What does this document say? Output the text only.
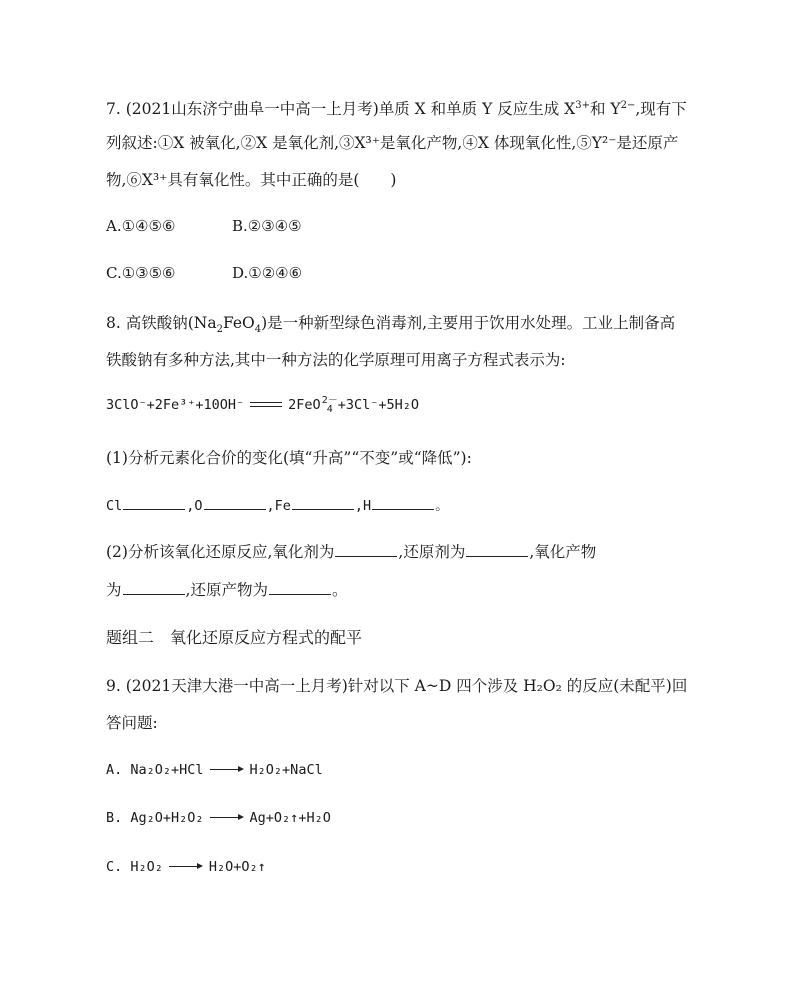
7. (2021山东济宁曲阜一中高一上月考)单质 X 和单质 Y 反应生成 $X^{3+}$和 $Y^{2-}$,现有下
列叙述:①X 被氧化,②X 是氧化剂,③X³⁺是氧化产物,④X 体现氧化性,⑤Y²⁻是还原产
物,⑥X³⁺具有氧化性。其中正确的是(　　)
A.①④⑤⑥	B.②③④⑤
C.①③⑤⑥	D.①②④⑥
8. 高铁酸钠$(Na_2FeO_4)$是一种新型绿色消毒剂,主要用于饮用水处理。工业上制备高
铁酸钠有多种方法,其中一种方法的化学原理可用离子方程式表示为:
3ClO⁻+2Fe³⁺+10OH⁻	2FeO2－
4 +3Cl⁻+5H₂O
(1)分析元素化合价的变化(填“升高”“不变”或“降低”):
Cl	,O	,Fe	,H	。
(2)分析该氧化还原反应,氧化剂为	,还原剂为	,氧化产物
为	,还原产物为	。
题组二　氧化还原反应方程式的配平
9. (2021天津大港一中高一上月考)针对以下 A~D 四个涉及 H₂O₂ 的反应(未配平)回
答问题:
A. Na₂O₂+HCl	H₂O₂+NaCl
B. Ag₂O+H₂O₂	Ag+O₂↑+H₂O
C. H₂O₂	H₂O+O₂↑
